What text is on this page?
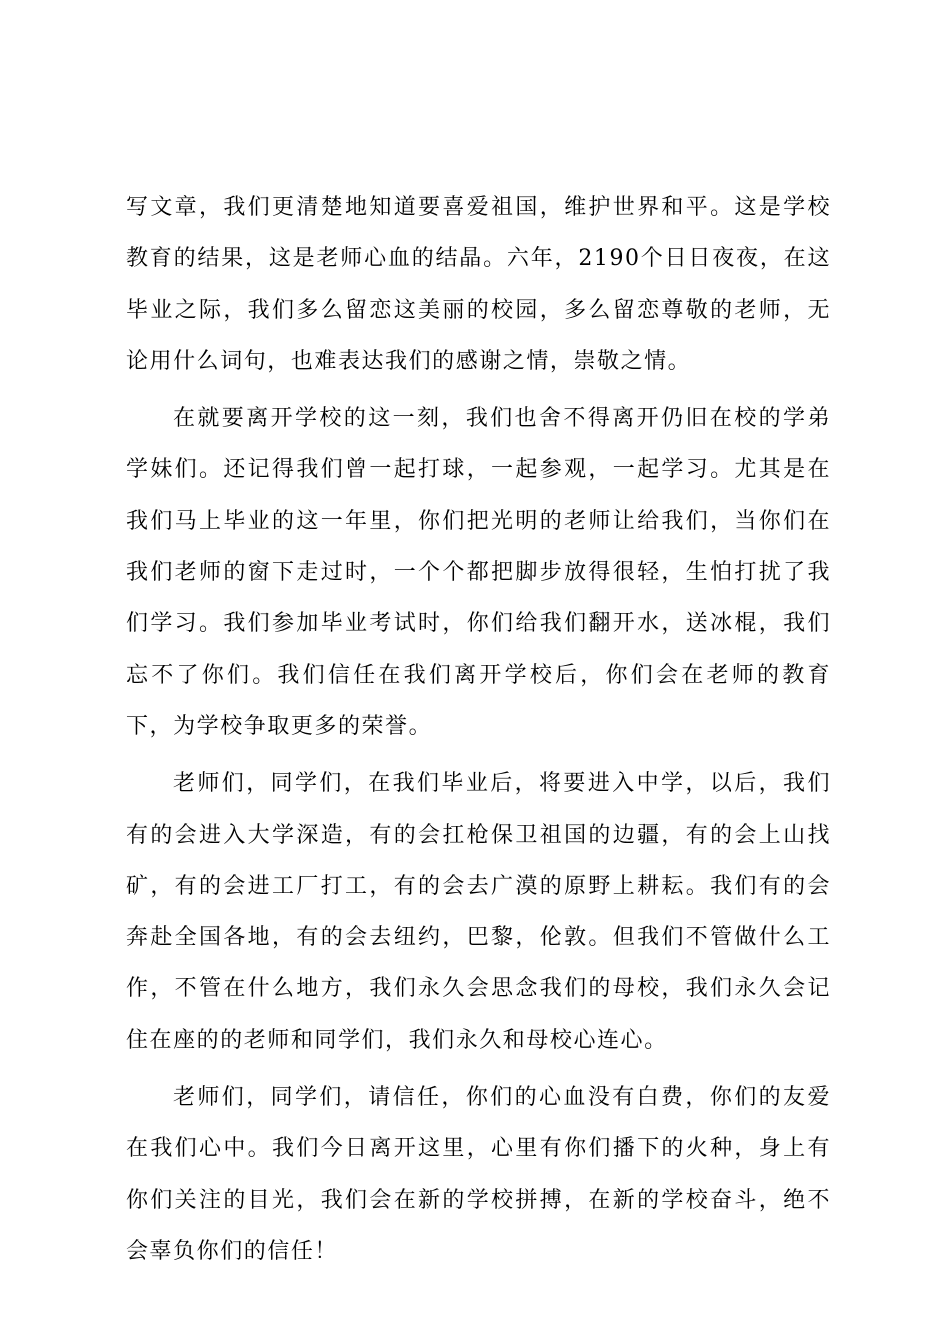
写文章，我们更清楚地知道要喜爱祖国，维护世界和平。这是学校教育的结果，这是老师心血的结晶。六年，2190个日日夜夜，在这毕业之际，我们多么留恋这美丽的校园，多么留恋尊敬的老师，无论用什么词句，也难表达我们的感谢之情，崇敬之情。

在就要离开学校的这一刻，我们也舍不得离开仍旧在校的学弟学妹们。还记得我们曾一起打球，一起参观，一起学习。尤其是在我们马上毕业的这一年里，你们把光明的老师让给我们，当你们在我们老师的窗下走过时，一个个都把脚步放得很轻，生怕打扰了我们学习。我们参加毕业考试时，你们给我们翻开水，送冰棍，我们忘不了你们。我们信任在我们离开学校后，你们会在老师的教育下，为学校争取更多的荣誉。

老师们，同学们，在我们毕业后，将要进入中学，以后，我们有的会进入大学深造，有的会扛枪保卫祖国的边疆，有的会上山找矿，有的会进工厂打工，有的会去广漠的原野上耕耘。我们有的会奔赴全国各地，有的会去纽约，巴黎，伦敦。但我们不管做什么工作，不管在什么地方，我们永久会思念我们的母校，我们永久会记住在座的的老师和同学们，我们永久和母校心连心。

老师们，同学们，请信任，你们的心血没有白费，你们的友爱在我们心中。我们今日离开这里，心里有你们播下的火种，身上有你们关注的目光，我们会在新的学校拼搏，在新的学校奋斗，绝不会辜负你们的信任！
